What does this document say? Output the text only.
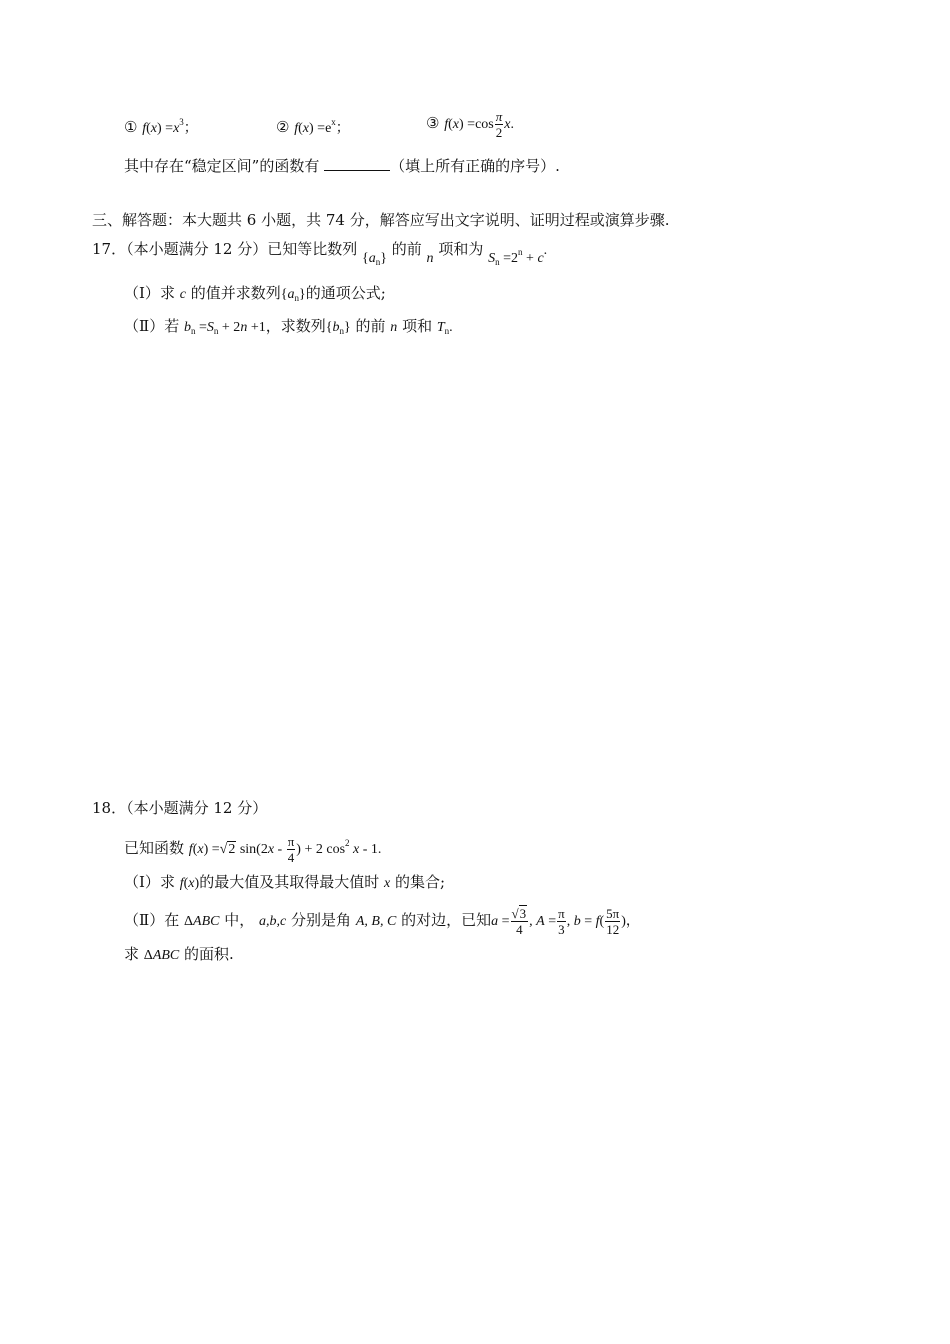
① $f(x) =x^3$；	② $f(x) =e^x$；	③ $f(x) =\cos \frac{\pi}{2} x$.
其中存在“稳定区间”的函数有	（填上所有正确的序号）.
三、解答题：本大题共 6 小题，共 74 分，解答应写出文字说明、证明过程或演算步骤.
17．（本小题满分 12 分）已知等比数列 $\{a_n\}$ 的前 n 项和为 $S_n =2^n + c$.
（Ⅰ）求 c 的值并求数列$\{a_n\}$的通项公式;
（Ⅱ）若 $b_n =S_n + 2n +1$，求数列$\{b_n\}$ 的前 n 项和 $T_n$.
18．（本小题满分 12 分）
已知函数 f(x) =√2 $\sin(2x - \frac{\pi}{4}$ ) + 2 $\cos^2 x - 1$.
（Ⅰ）求 f(x)的最大值及其取得最大值时 x 的集合;
（Ⅱ）在 ΔABC 中， a,b,c 分别是角 A, B, C 的对边，已知$a = \frac{√3}{4}$ , $A = \frac{\pi}{3}$ , $b = f( \frac{5\pi}{12}$ )，
求 ΔABC 的面积.
